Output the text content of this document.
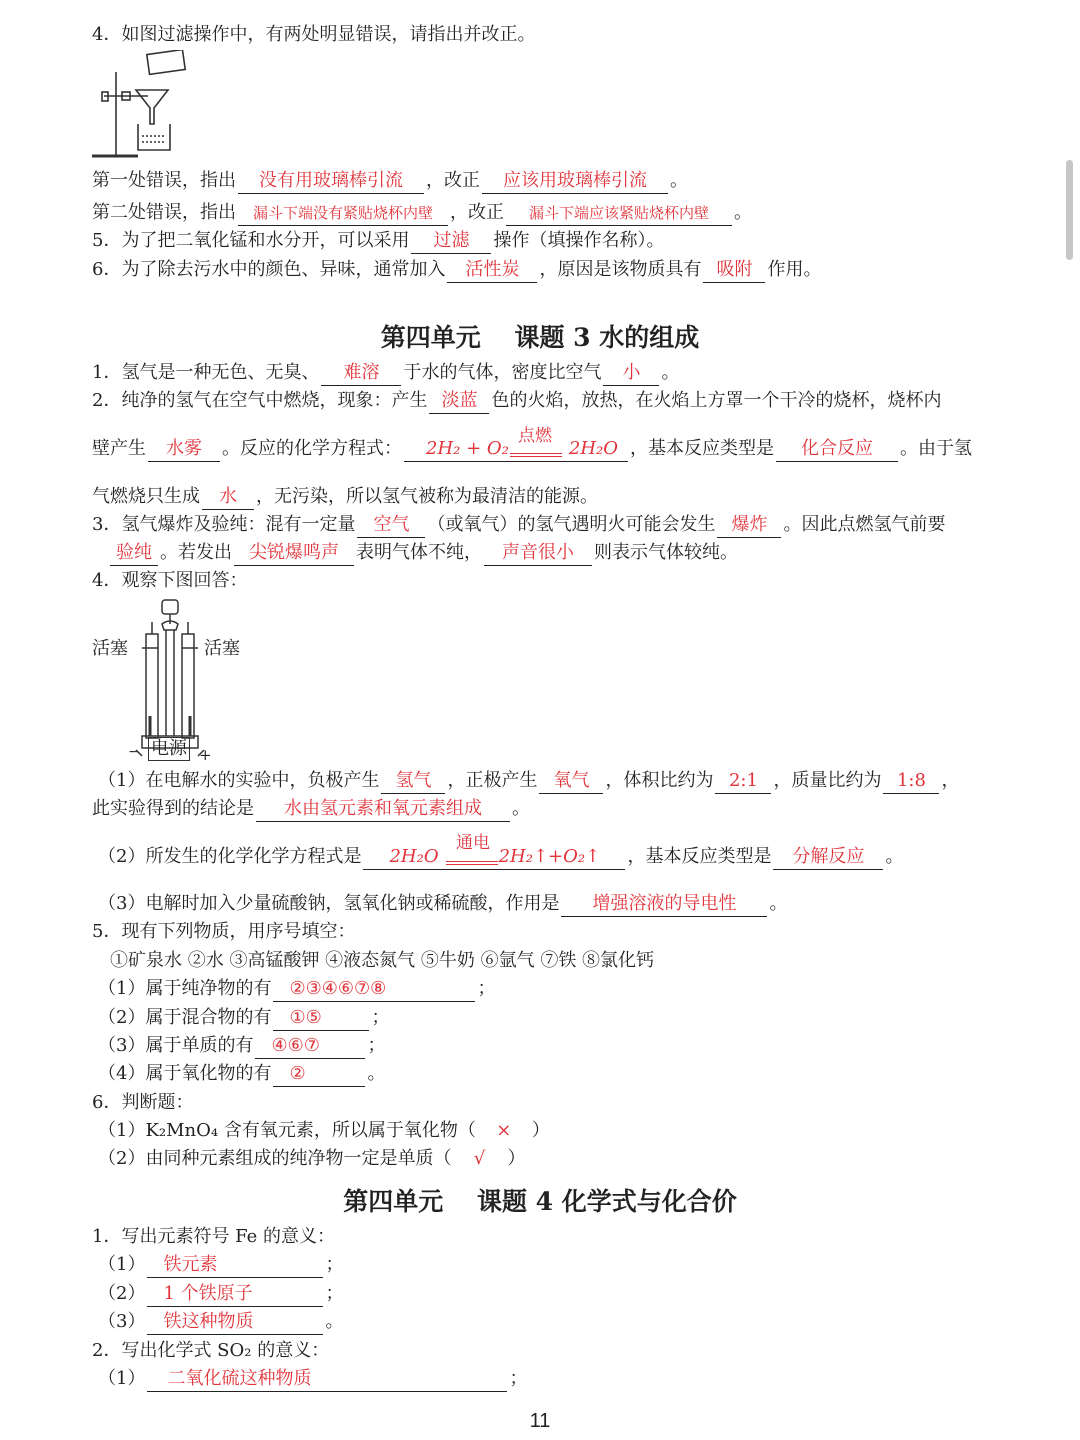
4．如图过滤操作中，有两处明显错误，请指出并改正。
第一处错误，指出 没有用玻璃棒引流 ，改正 应该用玻璃棒引流 。
第二处错误，指出 漏斗下端没有紧贴烧杯内壁 ，改正 漏斗下端应该紧贴烧杯内壁 。
5．为了把二氧化锰和水分开，可以采用 过滤 操作（填操作名称）。
6．为了除去污水中的颜色、异味，通常加入 活性炭 ，原因是该物质具有 吸附 作用。
第四单元　 课题 3 水的组成
1．氢气是一种无色、无臭、 难溶 于水的气体，密度比空气 小 。
2．纯净的氢气在空气中燃烧，现象：产生 淡蓝 色的火焰，放热，在火焰上方罩一个干冷的烧杯，烧杯内
点燃
壁产生 水雾 。反应的化学方程式： 2H₂ + O₂	2H₂O ，基本反应类型是 化合反应 。由于氢
气燃烧只生成 水 ，无污染，所以氢气被称为最清洁的能源。
3．氢气爆炸及验纯：混有一定量 空气 （或氧气）的氢气遇明火可能会发生 爆炸 。因此点燃氢气前要
验纯 。若发出 尖锐爆鸣声 表明气体不纯， 声音很小 则表示气体较纯。
4．观察下图回答：
活塞	活塞
− 电源 +
（1）在电解水的实验中，负极产生 氢气 ，正极产生 氧气 ，体积比约为 2:1 ，质量比约为 1:8 ，
此实验得到的结论是 水由氢元素和氧元素组成 。
通电
（2）所发生的化学化学方程式是 2H₂O	2H₂↑+O₂↑ ，基本反应类型是 分解反应 。
（3）电解时加入少量硫酸钠，氢氧化钠或稀硫酸，作用是 增强溶液的导电性 。
5．现有下列物质，用序号填空：
①矿泉水 ②水 ③高锰酸钾 ④液态氮气 ⑤牛奶 ⑥氩气 ⑦铁 ⑧氯化钙
（1）属于纯净物的有 ②③④⑥⑦⑧	；
（2）属于混合物的有 ①⑤	；
（3）属于单质的有 ④⑥⑦	；
（4）属于氧化物的有 ②	。
6．判断题：
（1）K₂MnO₄ 含有氧元素，所以属于氧化物（ × ）
（2）由同种元素组成的纯净物一定是单质（ √ ）
第四单元　 课题 4 化学式与化合价
1．写出元素符号 Fe 的意义：
（1） 铁元素	；
（2） 1 个铁原子	；
（3） 铁这种物质	。
2．写出化学式 SO₂ 的意义：
（1） 二氧化硫这种物质	；
11
